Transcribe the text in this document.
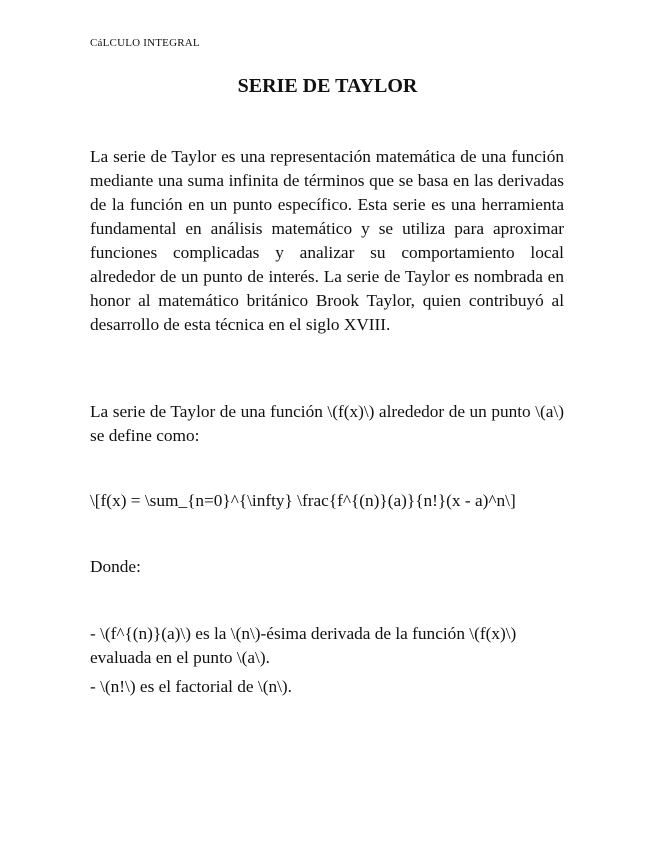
CáLCULO INTEGRAL
SERIE DE TAYLOR

La serie de Taylor es una representación matemática de una función mediante una suma infinita de términos que se basa en las derivadas de la función en un punto específico. Esta serie es una herramienta fundamental en análisis matemático y se utiliza para aproximar funciones complicadas y analizar su comportamiento local alrededor de un punto de interés. La serie de Taylor es nombrada en honor al matemático británico Brook Taylor, quien contribuyó al desarrollo de esta técnica en el siglo XVIII.

La serie de Taylor de una función \(f(x)\) alrededor de un punto \(a\) se define como:

\[f(x) = \sum_{n=0}^{\infty} \frac{f^{(n)}(a)}{n!}(x - a)^n\]

Donde:

- \(f^{(n)}(a)\) es la \(n\)-ésima derivada de la función \(f(x)\) evaluada en el punto \(a\).
- \(n!\) es el factorial de \(n\).
